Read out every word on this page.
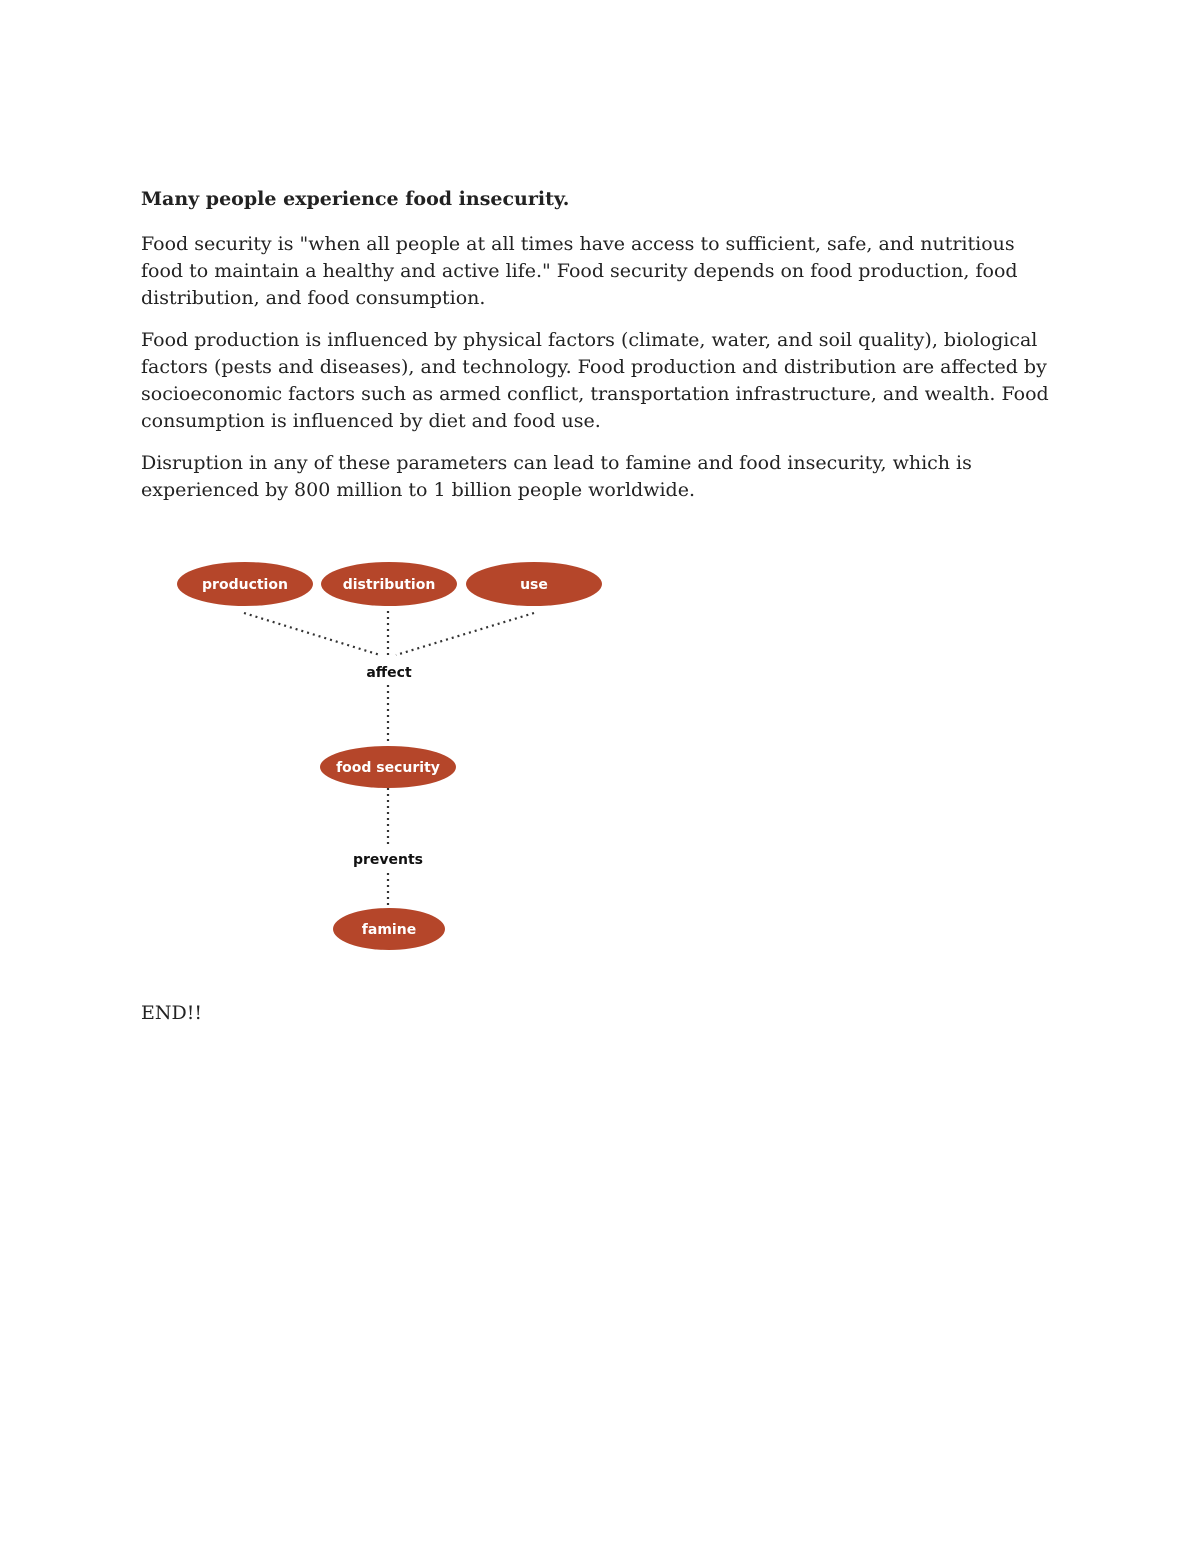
Many people experience food insecurity.

Food security is "when all people at all times have access to sufficient, safe, and nutritious food to maintain a healthy and active life." Food security depends on food production, food distribution, and food consumption.

Food production is influenced by physical factors (climate, water, and soil quality), biological factors (pests and diseases), and technology. Food production and distribution are affected by socioeconomic factors such as armed conflict, transportation infrastructure, and wealth. Food consumption is influenced by diet and food use.

Disruption in any of these parameters can lead to famine and food insecurity, which is experienced by 800 million to 1 billion people worldwide.

production	distribution	use
affect
food security
prevents
famine
END!!
